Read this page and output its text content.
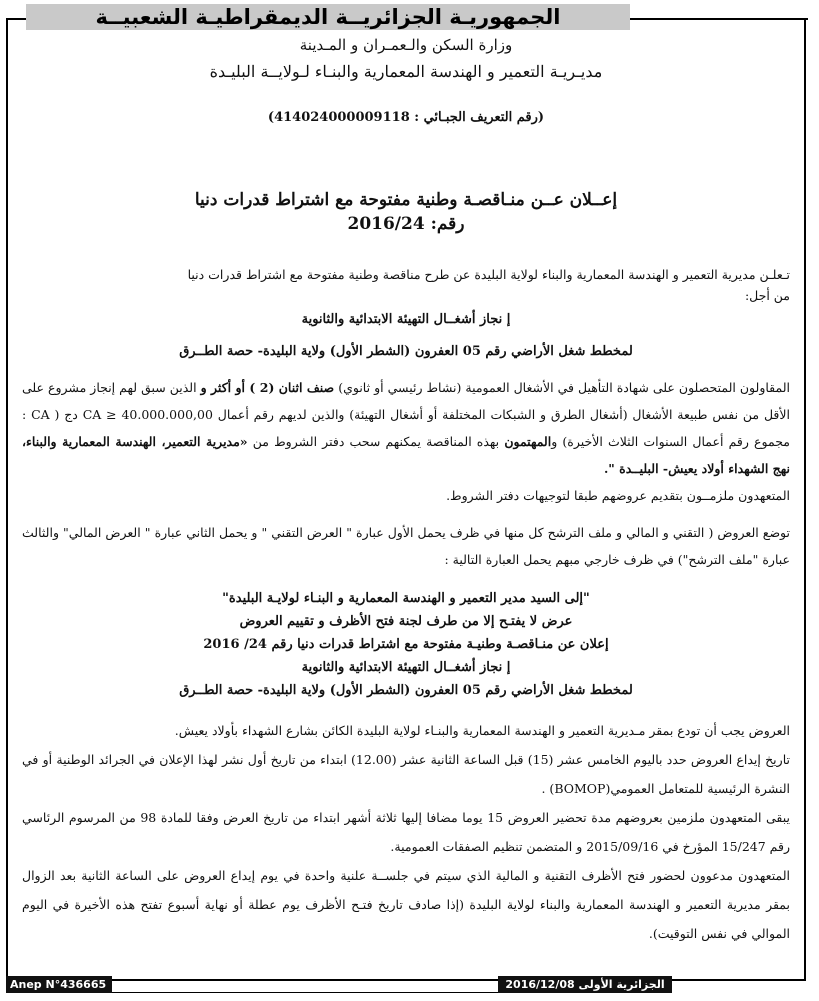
الجمهوريـة الجزائريــة الديمقراطيـة الشعبيــة

وزارة السكن والـعمـران و المـدينة

مديـريـة التعمير و الهندسة المعمارية والبنـاء لـولايــة البليـدة

(رقم التعريف الجبـائي : 414024000009118)

إعــلان عــن منـاقصـة وطنية مفتوحة مع اشتراط قدرات دنيا

رقم: 2016/24

تـعلـن مديرية التعمير و الهندسة المعمارية والبناء لولاية البليدة عن طرح مناقصة وطنية مفتوحة مع اشتراط قدرات دنيا

من أجل:

إ نجاز أشغــال التهيئة الابتدائية والثانوية

لمخطط شغل الأراضي رقم 05 العفرون (الشطر الأول) ولاية البليدة- حصة الطــرق

المقاولون المتحصلون على شهادة التأهيل في الأشغال العمومية (نشاط رئيسي أو ثانوي) صنف اثنان (2 ) أو أكثر و الذين سبق لهم إنجاز مشروع على الأقل من نفس طبيعة الأشغال (أشغال الطرق و الشبكات المختلفة أو أشغال التهيئة) والذين لديهم رقم أعمال CA ≥ 40.000.000,00 دج ( CA : مجموع رقم أعمال السنوات الثلاث الأخيرة) والمهتمون بهذه المناقصة يمكنهم سحب دفتر الشروط من «مديرية التعمير، الهندسة المعمارية والبناء، نهج الشهداء أولاد يعيش- البليــدة ".
المتعهدون ملزمــون بتقديم عروضهم طبقا لتوجيهات دفتر الشروط.

توضع العروض ( التقني و المالي و ملف الترشح كل منها في ظرف يحمل الأول عبارة " العرض التقني " و يحمل الثاني عبارة " العرض المالي" والثالث عبارة "ملف الترشح") في ظرف خارجي مبهم يحمل العبارة التالية :

"إلى السيد مدير التعمير و الهندسة المعمارية و البنـاء لولايـة البليدة"

عرض لا يفتـح إلا من طرف لجنة فتح الأظرف و تقييم العروض

إعلان عن منـاقصـة وطنيـة مفتوحة مع اشتراط قدرات دنيا رقم 24/ 2016

إ نجاز أشغــال التهيئة الابتدائية والثانوية

لمخطط شغل الأراضي رقم 05 العفرون (الشطر الأول) ولاية البليدة- حصة الطــرق

العروض يجب أن تودع بمقر مـديرية التعمير و الهندسة المعمارية والبنـاء لولاية البليدة الكائن بشارع الشهداء بأولاد يعيش.

تاريخ إيداع العروض حدد باليوم الخامس عشر (15) قبل الساعة الثانية عشر (12.00) ابتداء من تاريخ أول نشر لهذا الإعلان في الجرائد الوطنية أو في النشرة الرئيسية للمتعامل العمومي(BOMOP) .

يبقى المتعهدون ملزمين بعروضهم مدة تحضير العروض 15 يوما مضافا إليها ثلاثة أشهر ابتداء من تاريخ العرض وفقا للمادة 98 من المرسوم الرئاسي رقم 15/247 المؤرخ في 2015/09/16 و المتضمن تنظيم الصفقات العمومية.

المتعهدون مدعوون لحضور فتح الأظرف التقنية و المالية الذي سيتم في جلســة علنية واحدة في يوم إيداع العروض على الساعة الثانية بعد الزوال بمقر مديرية التعمير و الهندسة المعمارية والبناء لولاية البليدة (إذا صادف تاريخ فتـح الأظرف يوم عطلة أو نهاية أسبوع تفتح هذه الأخيرة في اليوم الموالي في نفس التوقيت).

Anep N°436665	الجزائرية الأولى 2016/12/08
